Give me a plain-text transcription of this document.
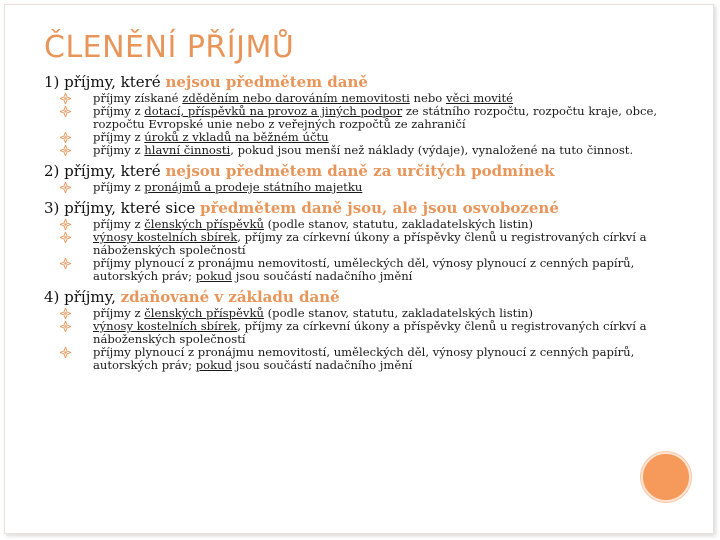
ČLENĚNÍ PŘÍJMŮ

1) příjmy, které nejsou předmětem daně

příjmy získané zděděním nebo darováním nemovitosti nebo věci movité
příjmy z dotací, příspěvků na provoz a jiných podpor ze státního rozpočtu, rozpočtu kraje, obce, rozpočtu Evropské unie nebo z veřejných rozpočtů ze zahraničí
příjmy z úroků z vkladů na běžném účtu
příjmy z hlavní činnosti, pokud jsou menší než náklady (výdaje), vynaložené na tuto činnost.

2) příjmy, které nejsou předmětem daně za určitých podmínek

příjmy z pronájmů a prodeje státního majetku

3) příjmy, které sice předmětem daně jsou, ale jsou osvobozené

příjmy z členských příspěvků (podle stanov, statutu, zakladatelských listin)
výnosy kostelních sbírek, příjmy za církevní úkony a příspěvky členů u registrovaných církví a náboženských společností
příjmy plynoucí z pronájmu nemovitostí, uměleckých děl, výnosy plynoucí z cenných papírů, autorských práv; pokud jsou součástí nadačního jmění

4) příjmy, zdaňované v základu daně

příjmy z členských příspěvků (podle stanov, statutu, zakladatelských listin)
výnosy kostelních sbírek, příjmy za církevní úkony a příspěvky členů u registrovaných církví a náboženských společností
příjmy plynoucí z pronájmu nemovitostí, uměleckých děl, výnosy plynoucí z cenných papírů, autorských práv; pokud jsou součástí nadačního jmění
